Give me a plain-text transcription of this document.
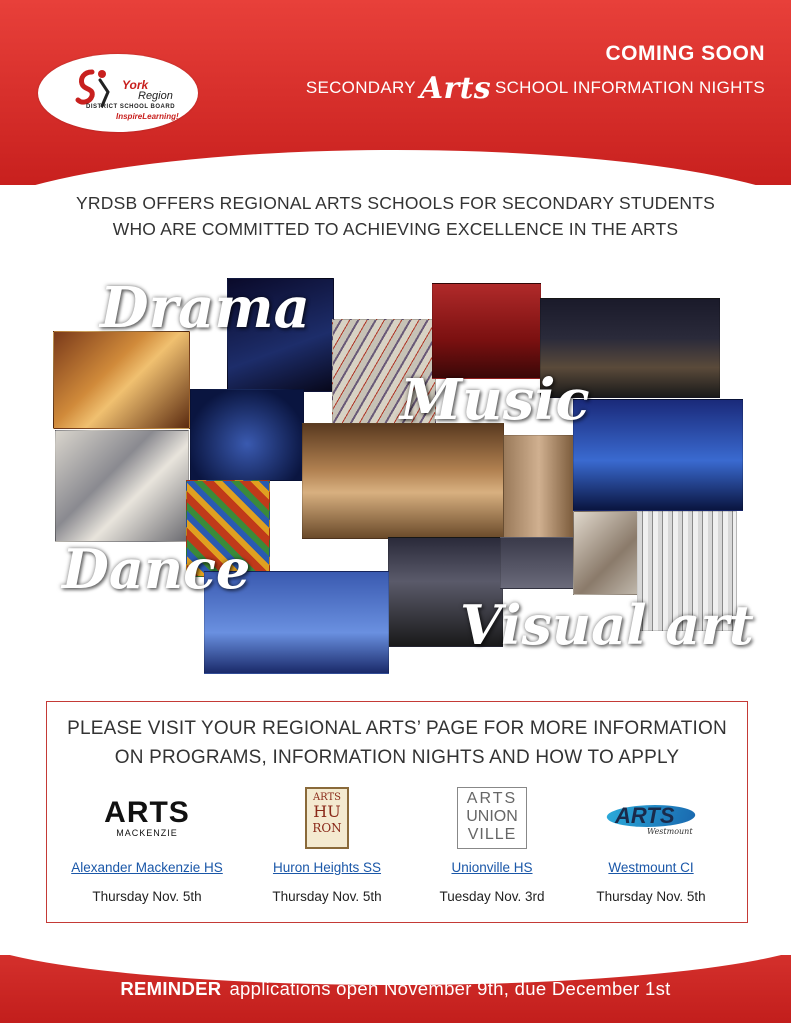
York
Region
DISTRICT SCHOOL BOARD
InspireLearning!
COMING SOON
SECONDARY Arts SCHOOL INFORMATION NIGHTS
YRDSB OFFERS REGIONAL ARTS SCHOOLS FOR SECONDARY STUDENTS
WHO ARE COMMITTED TO ACHIEVING EXCELLENCE IN THE ARTS
Drama
Music
Dance
Visual art
PLEASE VISIT YOUR REGIONAL ARTS’ PAGE FOR MORE INFORMATION
ON PROGRAMS, INFORMATION NIGHTS AND HOW TO APPLY
ARTS
MACKENZIE
Alexander Mackenzie HS
Thursday Nov. 5th
ARTS
HU
RON
Huron Heights SS
Thursday Nov. 5th
ARTS
UNION
VILLE
Unionville HS
Tuesday Nov. 3rd
ARTS
Westmount
Westmount CI
Thursday Nov. 5th
REMINDER applications open November 9th, due December 1st
